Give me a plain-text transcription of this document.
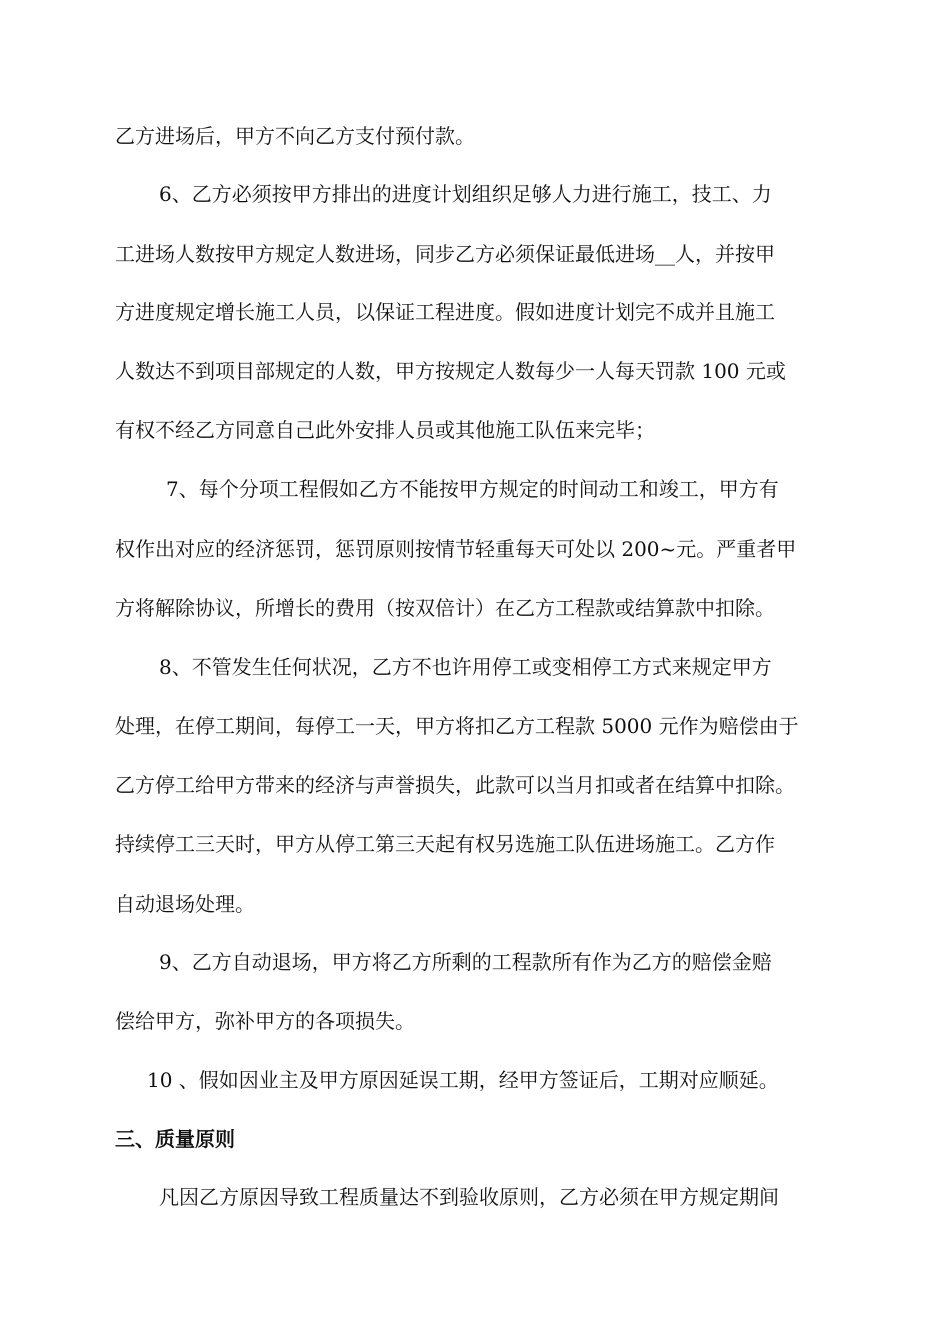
乙方进场后，甲方不向乙方支付预付款。
6、乙方必须按甲方排出的进度计划组织足够人力进行施工，技工、力
工进场人数按甲方规定人数进场，同步乙方必须保证最低进场__人，并按甲
方进度规定增长施工人员，以保证工程进度。假如进度计划完不成并且施工
人数达不到项目部规定的人数，甲方按规定人数每少一人每天罚款 100 元或
有权不经乙方同意自己此外安排人员或其他施工队伍来完毕；
7、每个分项工程假如乙方不能按甲方规定的时间动工和竣工，甲方有
权作出对应的经济惩罚，惩罚原则按情节轻重每天可处以 200~元。严重者甲
方将解除协议，所增长的费用（按双倍计）在乙方工程款或结算款中扣除。
8、不管发生任何状况，乙方不也许用停工或变相停工方式来规定甲方
处理，在停工期间，每停工一天，甲方将扣乙方工程款 5000 元作为赔偿由于
乙方停工给甲方带来的经济与声誉损失，此款可以当月扣或者在结算中扣除。
持续停工三天时，甲方从停工第三天起有权另选施工队伍进场施工。乙方作
自动退场处理。
9、乙方自动退场，甲方将乙方所剩的工程款所有作为乙方的赔偿金赔
偿给甲方，弥补甲方的各项损失。
10 、假如因业主及甲方原因延误工期，经甲方签证后，工期对应顺延。
三、质量原则
凡因乙方原因导致工程质量达不到验收原则，乙方必须在甲方规定期间
